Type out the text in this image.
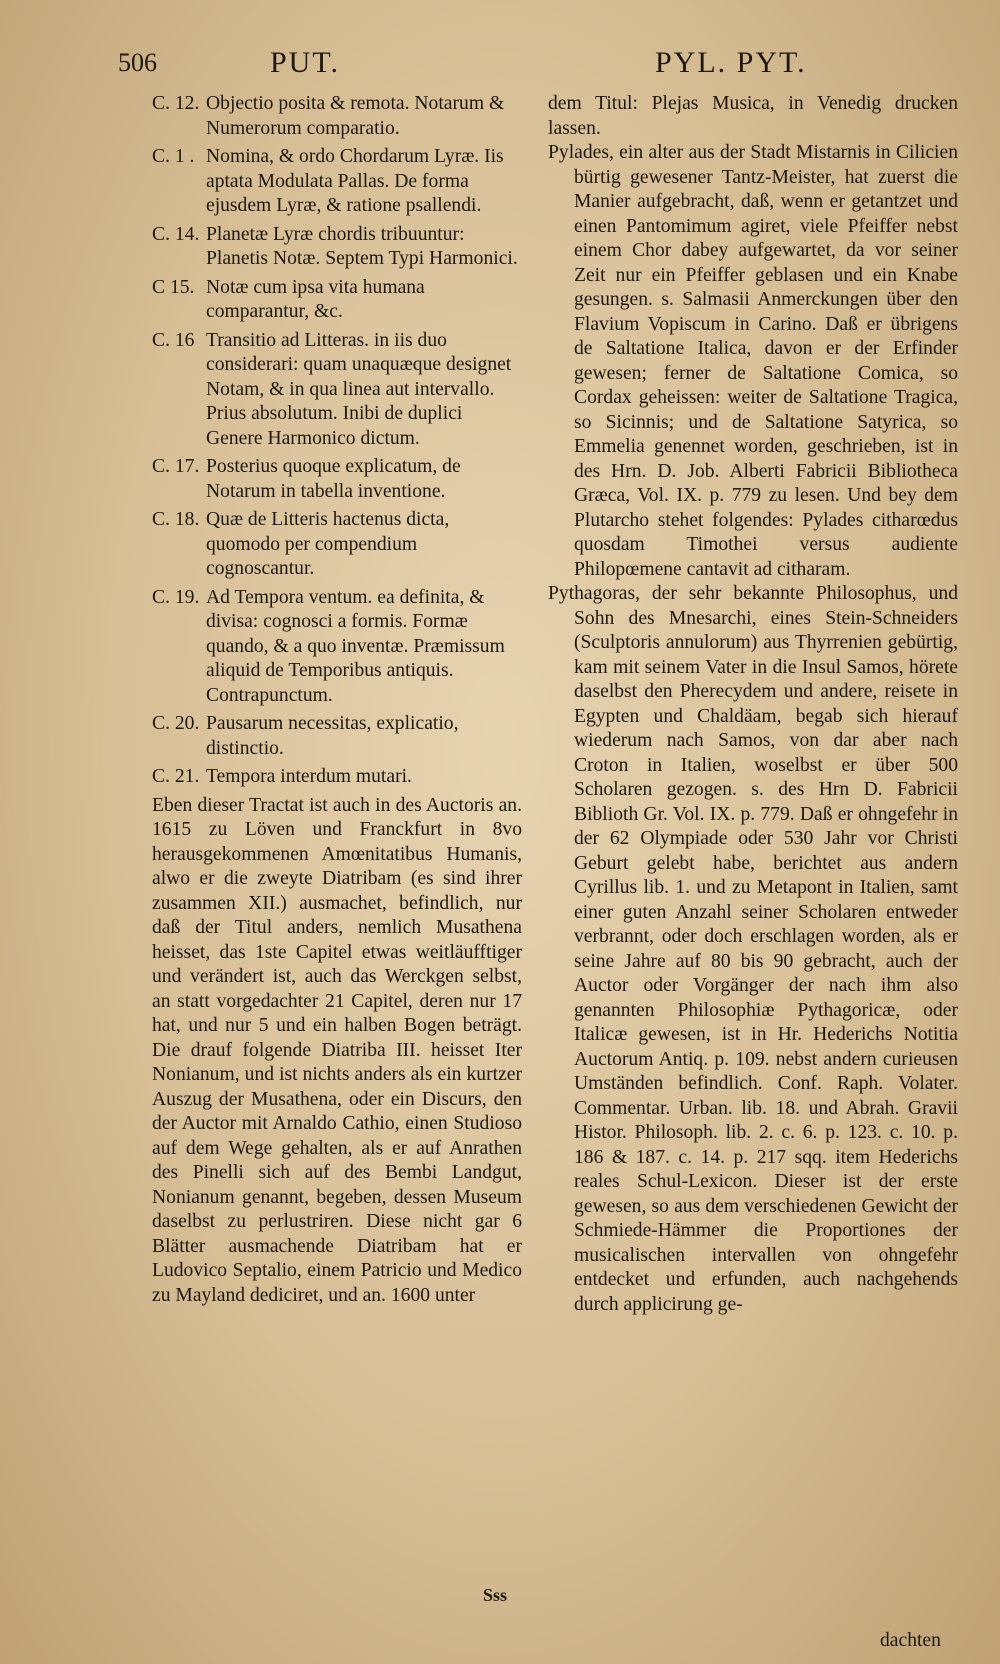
506	PUT.	PYL. PYT.

C. 12. Objectio posita & remota. Notarum & Numerorum comparatio.

C. 1 . Nomina, & ordo Chordarum Lyræ. Iis aptata Modulata Pallas. De forma ejusdem Lyræ, & ratione psallendi.

C. 14. Planetæ Lyræ chordis tribuuntur: Planetis Notæ. Septem Typi Harmonici.

C 15. Notæ cum ipsa vita humana comparantur, &c.

C. 16 Transitio ad Litteras. in iis duo considerari: quam unaquæque designet Notam, & in qua linea aut intervallo. Prius absolutum. Inibi de duplici Genere Harmonico dictum.

C. 17. Posterius quoque explicatum, de Notarum in tabella inventione.

C. 18. Quæ de Litteris hactenus dicta, quomodo per compendium cognoscantur.

C. 19. Ad Tempora ventum. ea definita, & divisa: cognosci a formis. Formæ quando, & a quo inventæ. Præmissum aliquid de Temporibus antiquis. Contrapunctum.

C. 20. Pausarum necessitas, explicatio, distinctio.

C. 21. Tempora interdum mutari.

Eben dieser Tractat ist auch in des Auctoris an. 1615 zu Löven und Franckfurt in 8vo herausgekommenen Amœnitatibus Humanis, alwo er die zweyte Diatribam (es sind ihrer zusammen XII.) ausmachet, befindlich, nur daß der Titul anders, nemlich Musathena heisset, das 1ste Capitel etwas weitläufftiger und verändert ist, auch das Werckgen selbst, an statt vorgedachter 21 Capitel, deren nur 17 hat, und nur 5 und ein halben Bogen beträgt. Die drauf folgende Diatriba III. heisset Iter Nonianum, und ist nichts anders als ein kurtzer Auszug der Musathena, oder ein Discurs, den der Auctor mit Arnaldo Cathio, einen Studioso auf dem Wege gehalten, als er auf Anrathen des Pinelli sich auf des Bembi Landgut, Nonianum genannt, begeben, dessen Museum daselbst zu perlustriren. Diese nicht gar 6 Blätter ausmachende Diatribam hat er Ludovico Septalio, einem Patricio und Medico zu Mayland dediciret, und an. 1600 unter

dem Titul: Plejas Musica, in Venedig drucken lassen.

Pylades, ein alter aus der Stadt Mistarnis in Cilicien bürtig gewesener Tantz-Meister, hat zuerst die Manier aufgebracht, daß, wenn er getantzet und einen Pantomimum agiret, viele Pfeiffer nebst einem Chor dabey aufgewartet, da vor seiner Zeit nur ein Pfeiffer geblasen und ein Knabe gesungen. s. Salmasii Anmerckungen über den Flavium Vopiscum in Carino. Daß er übrigens de Saltatione Italica, davon er der Erfinder gewesen; ferner de Saltatione Comica, so Cordax geheissen: weiter de Saltatione Tragica, so Sicinnis; und de Saltatione Satyrica, so Emmelia genennet worden, geschrieben, ist in des Hrn. D. Job. Alberti Fabricii Bibliotheca Græca, Vol. IX. p. 779 zu lesen. Und bey dem Plutarcho stehet folgendes: Pylades citharœdus quosdam Timothei versus audiente Philopœmene cantavit ad citharam.

Pythagoras, der sehr bekannte Philosophus, und Sohn des Mnesarchi, eines Stein-Schneiders (Sculptoris annulorum) aus Thyrrenien gebürtig, kam mit seinem Vater in die Insul Samos, hörete daselbst den Pherecydem und andere, reisete in Egypten und Chaldäam, begab sich hierauf wiederum nach Samos, von dar aber nach Croton in Italien, woselbst er über 500 Scholaren gezogen. s. des Hrn D. Fabricii Biblioth Gr. Vol. IX. p. 779. Daß er ohngefehr in der 62 Olympiade oder 530 Jahr vor Christi Geburt gelebt habe, berichtet aus andern Cyrillus lib. 1. und zu Metapont in Italien, samt einer guten Anzahl seiner Scholaren entweder verbrannt, oder doch erschlagen worden, als er seine Jahre auf 80 bis 90 gebracht, auch der Auctor oder Vorgänger der nach ihm also genannten Philosophiæ Pythagoricæ, oder Italicæ gewesen, ist in Hr. Hederichs Notitia Auctorum Antiq. p. 109. nebst andern curieusen Umständen befindlich. Conf. Raph. Volater. Commentar. Urban. lib. 18. und Abrah. Gravii Histor. Philosoph. lib. 2. c. 6. p. 123. c. 10. p. 186 & 187. c. 14. p. 217 sqq. item Hederichs reales Schul-Lexicon. Dieser ist der erste gewesen, so aus dem verschiedenen Gewicht der Schmiede-Hämmer die Proportiones der musicalischen intervallen von ohngefehr entdecket und erfunden, auch nachgehends durch applicirung ge-

Sss
dachten
